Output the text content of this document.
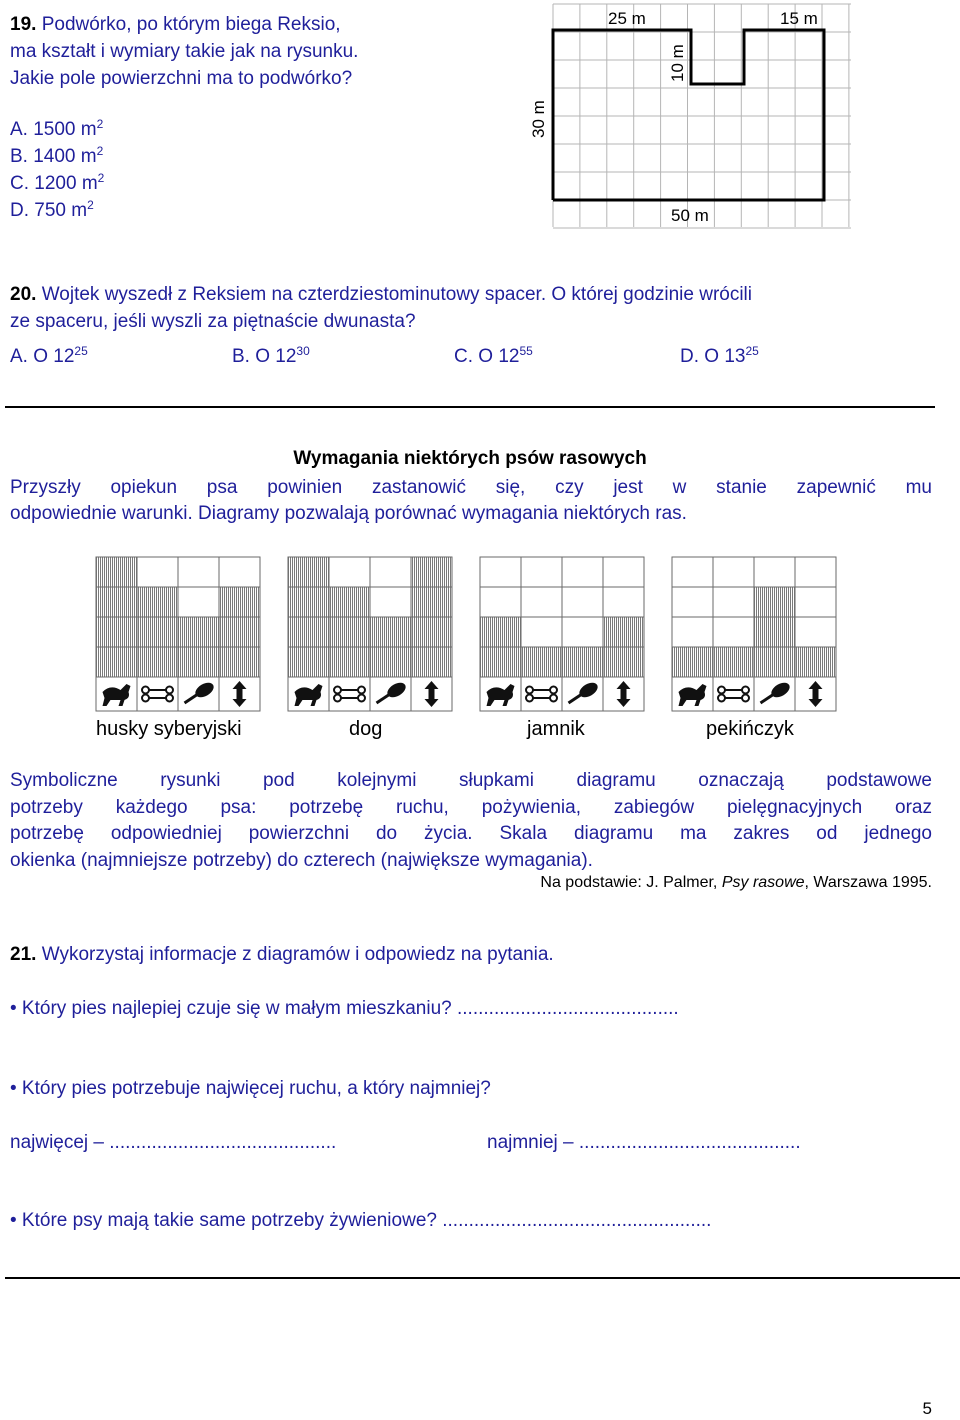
19. Podwórko, po którym biega Reksio,
ma kształt i wymiary takie jak na rysunku.
Jakie pole powierzchni ma to podwórko?
A. 1500 $m^2$
B. 1400 $m^2$
C. 1200 $m^2$
D. 750 $m^2$
25 m	15 m
10 m
30 m
50 m
20. Wojtek wyszedł z Reksiem na czterdziestominutowy spacer. O której godzinie wrócili
ze spaceru, jeśli wyszli za piętnaście dwunasta?
A. O $12^{25}$	B. O $12^{30}$	C. O $12^{55}$	D. O $13^{25}$
Wymagania niektórych psów rasowych
Przyszły opiekun psa powinien zastanowić się, czy jest w stanie zapewnić mu
odpowiednie warunki. Diagramy pozwalają porównać wymagania niektórych ras.
husky syberyjski	dog	jamnik	pekińczyk
Symboliczne rysunki pod kolejnymi słupkami diagramu oznaczają podstawowe
potrzeby każdego psa: potrzebę ruchu, pożywienia, zabiegów pielęgnacyjnych oraz
potrzebę odpowiedniej powierzchni do życia. Skala diagramu ma zakres od jednego
okienka (najmniejsze potrzeby) do czterech (największe wymagania).
Na podstawie: J. Palmer, Psy rasowe, Warszawa 1995.
21. Wykorzystaj informacje z diagramów i odpowiedz na pytania.
• Który pies najlepiej czuje się w małym mieszkaniu? ..........................................
• Który pies potrzebuje najwięcej ruchu, a który najmniej?
najwięcej – ...........................................	najmniej – ..........................................
• Które psy mają takie same potrzeby żywieniowe? ...................................................
5
